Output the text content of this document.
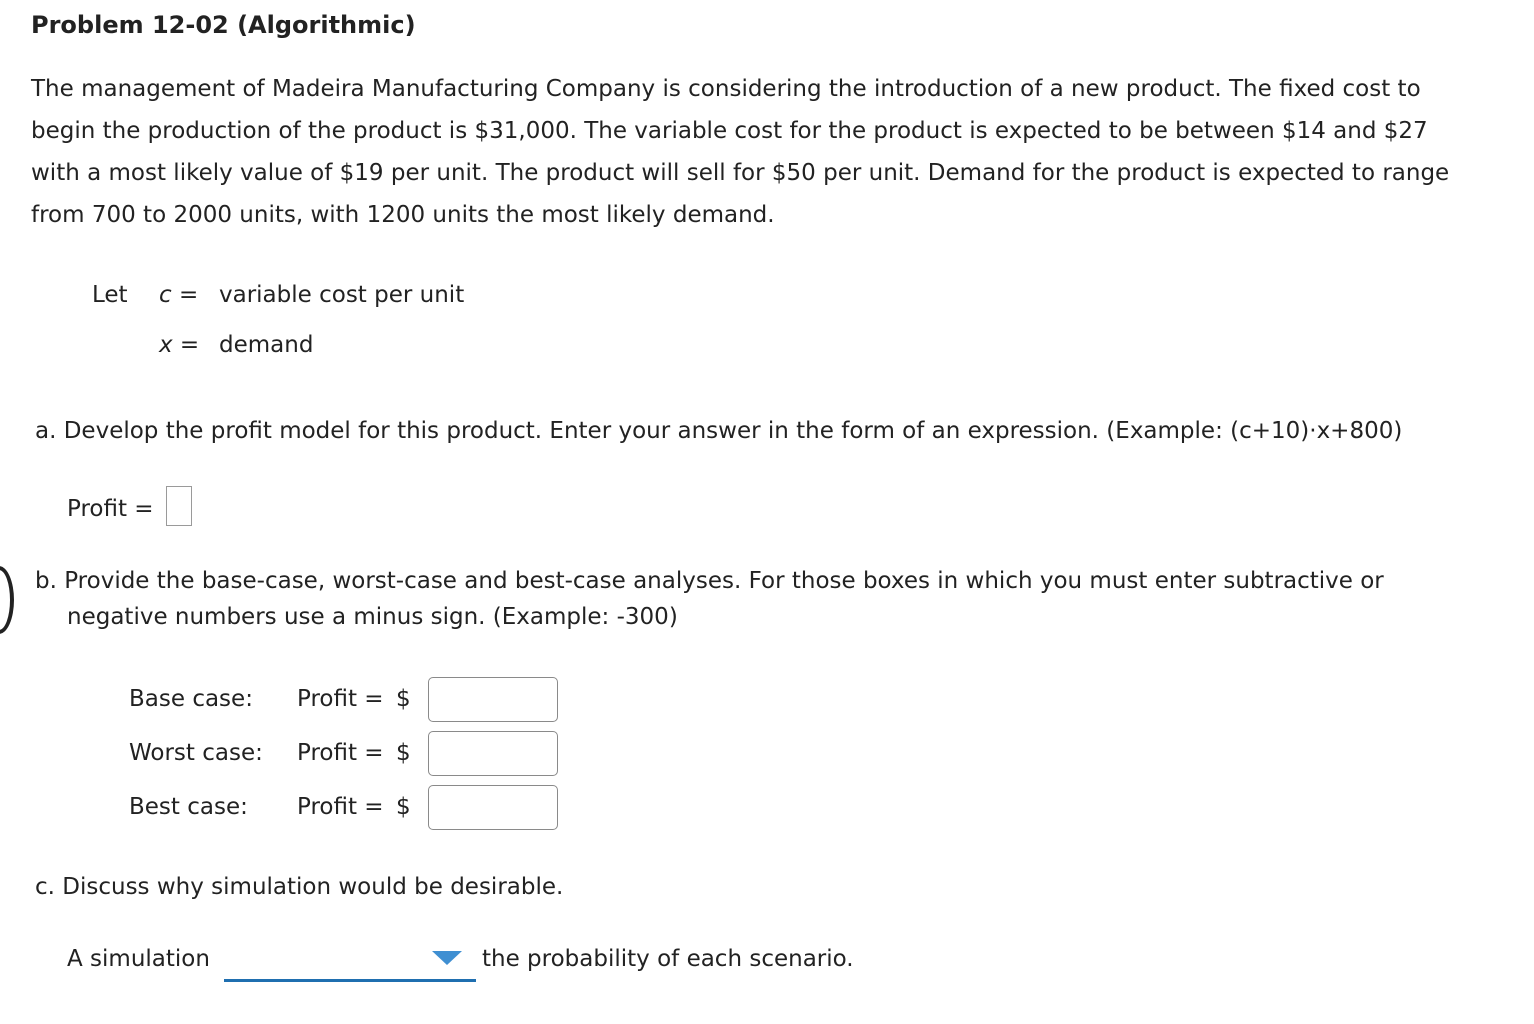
Problem 12-02 (Algorithmic)
The management of Madeira Manufacturing Company is considering the introduction of a new product. The fixed cost to
begin the production of the product is $31,000. The variable cost for the product is expected to be between $14 and $27
with a most likely value of $19 per unit. The product will sell for $50 per unit. Demand for the product is expected to range
from 700 to 2000 units, with 1200 units the most likely demand.
Let c = variable cost per unit
x = demand
a. Develop the profit model for this product. Enter your answer in the form of an expression. (Example: (c+10)·x+800)
Profit =
b. Provide the base-case, worst-case and best-case analyses. For those boxes in which you must enter subtractive or
negative numbers use a minus sign. (Example: -300)
Base case: Profit = $
Worst case: Profit = $
Best case: Profit = $
c. Discuss why simulation would be desirable.
A simulation	the probability of each scenario.
